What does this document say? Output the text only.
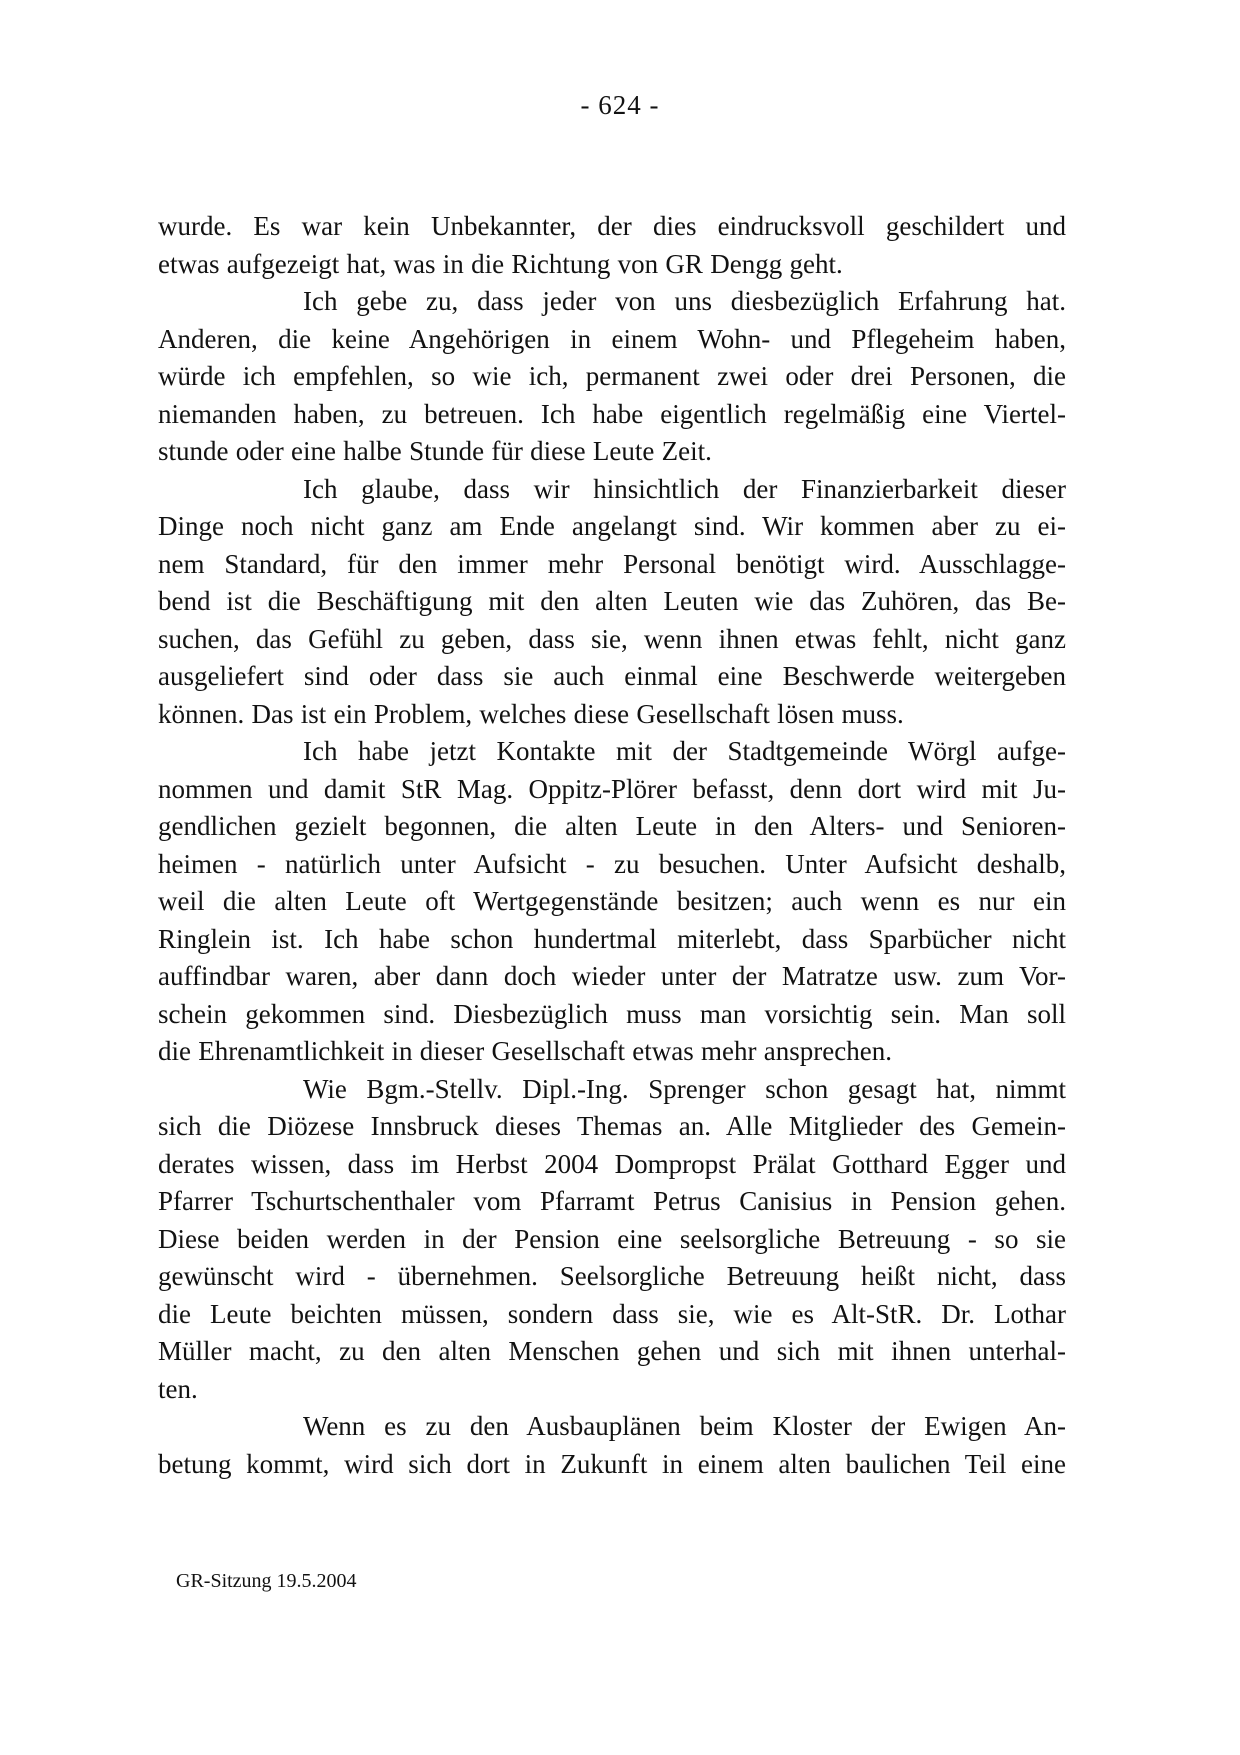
- 624 -
wurde. Es war kein Unbekannter, der dies eindrucksvoll geschildert und
etwas aufgezeigt hat, was in die Richtung von GR Dengg geht.
Ich gebe zu, dass jeder von uns diesbezüglich Erfahrung hat.
Anderen, die keine Angehörigen in einem Wohn- und Pflegeheim haben,
würde ich empfehlen, so wie ich, permanent zwei oder drei Personen, die
niemanden haben, zu betreuen. Ich habe eigentlich regelmäßig eine Viertel-
stunde oder eine halbe Stunde für diese Leute Zeit.
Ich glaube, dass wir hinsichtlich der Finanzierbarkeit dieser
Dinge noch nicht ganz am Ende angelangt sind. Wir kommen aber zu ei-
nem Standard, für den immer mehr Personal benötigt wird. Ausschlagge-
bend ist die Beschäftigung mit den alten Leuten wie das Zuhören, das Be-
suchen, das Gefühl zu geben, dass sie, wenn ihnen etwas fehlt, nicht ganz
ausgeliefert sind oder dass sie auch einmal eine Beschwerde weitergeben
können. Das ist ein Problem, welches diese Gesellschaft lösen muss.
Ich habe jetzt Kontakte mit der Stadtgemeinde Wörgl aufge-
nommen und damit StR Mag. Oppitz-Plörer befasst, denn dort wird mit Ju-
gendlichen gezielt begonnen, die alten Leute in den Alters- und Senioren-
heimen - natürlich unter Aufsicht - zu besuchen. Unter Aufsicht deshalb,
weil die alten Leute oft Wertgegenstände besitzen; auch wenn es nur ein
Ringlein ist. Ich habe schon hundertmal miterlebt, dass Sparbücher nicht
auffindbar waren, aber dann doch wieder unter der Matratze usw. zum Vor-
schein gekommen sind. Diesbezüglich muss man vorsichtig sein. Man soll
die Ehrenamtlichkeit in dieser Gesellschaft etwas mehr ansprechen.
Wie Bgm.-Stellv. Dipl.-Ing. Sprenger schon gesagt hat, nimmt
sich die Diözese Innsbruck dieses Themas an. Alle Mitglieder des Gemein-
derates wissen, dass im Herbst 2004 Dompropst Prälat Gotthard Egger und
Pfarrer Tschurtschenthaler vom Pfarramt Petrus Canisius in Pension gehen.
Diese beiden werden in der Pension eine seelsorgliche Betreuung - so sie
gewünscht wird - übernehmen. Seelsorgliche Betreuung heißt nicht, dass
die Leute beichten müssen, sondern dass sie, wie es Alt-StR. Dr. Lothar
Müller macht, zu den alten Menschen gehen und sich mit ihnen unterhal-
ten.
Wenn es zu den Ausbauplänen beim Kloster der Ewigen An-
betung kommt, wird sich dort in Zukunft in einem alten baulichen Teil eine
GR-Sitzung 19.5.2004
